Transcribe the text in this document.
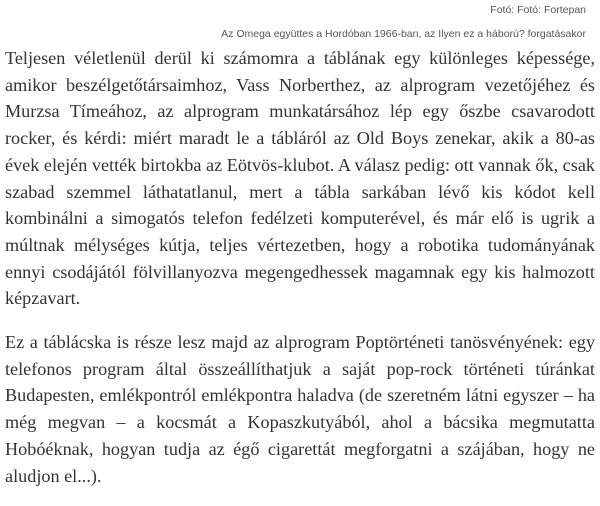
Fotó: Fotó: Fortepan
Az Omega együttes a Hordóban 1966-ban, az Ilyen ez a háború? forgatásakor

Teljesen véletlenül derül ki számomra a táblának egy különleges képessége, amikor beszélgetőtársaimhoz, Vass Norberthez, az alprogram vezetőjéhez és Murzsa Tímeához, az alprogram munkatársához lép egy őszbe csavarodott rocker, és kérdi: miért maradt le a tábláról az Old Boys zenekar, akik a 80-as évek elején vették birtokba az Eötvös-klubot. A válasz pedig: ott vannak ők, csak szabad szemmel láthatatlanul, mert a tábla sarkában lévő kis kódot kell kombinálni a simogatós telefon fedélzeti komputerével, és már elő is ugrik a múltnak mélységes kútja, teljes vértezetben, hogy a robotika tudományának ennyi csodájától fölvillanyozva megengedhessek magamnak egy kis halmozott képzavart.

Ez a táblácska is része lesz majd az alprogram Poptörténeti tanösvényének: egy telefonos program által összeállíthatjuk a saját pop-rock történeti túránkat Budapesten, emlékpontról emlékpontra haladva (de szeretném látni egyszer – ha még megvan – a kocsmát a Kopaszkutyából, ahol a bácsika megmutatta Hobóéknak, hogyan tudja az égő cigarettát megforgatni a szájában, hogy ne aludjon el...).
